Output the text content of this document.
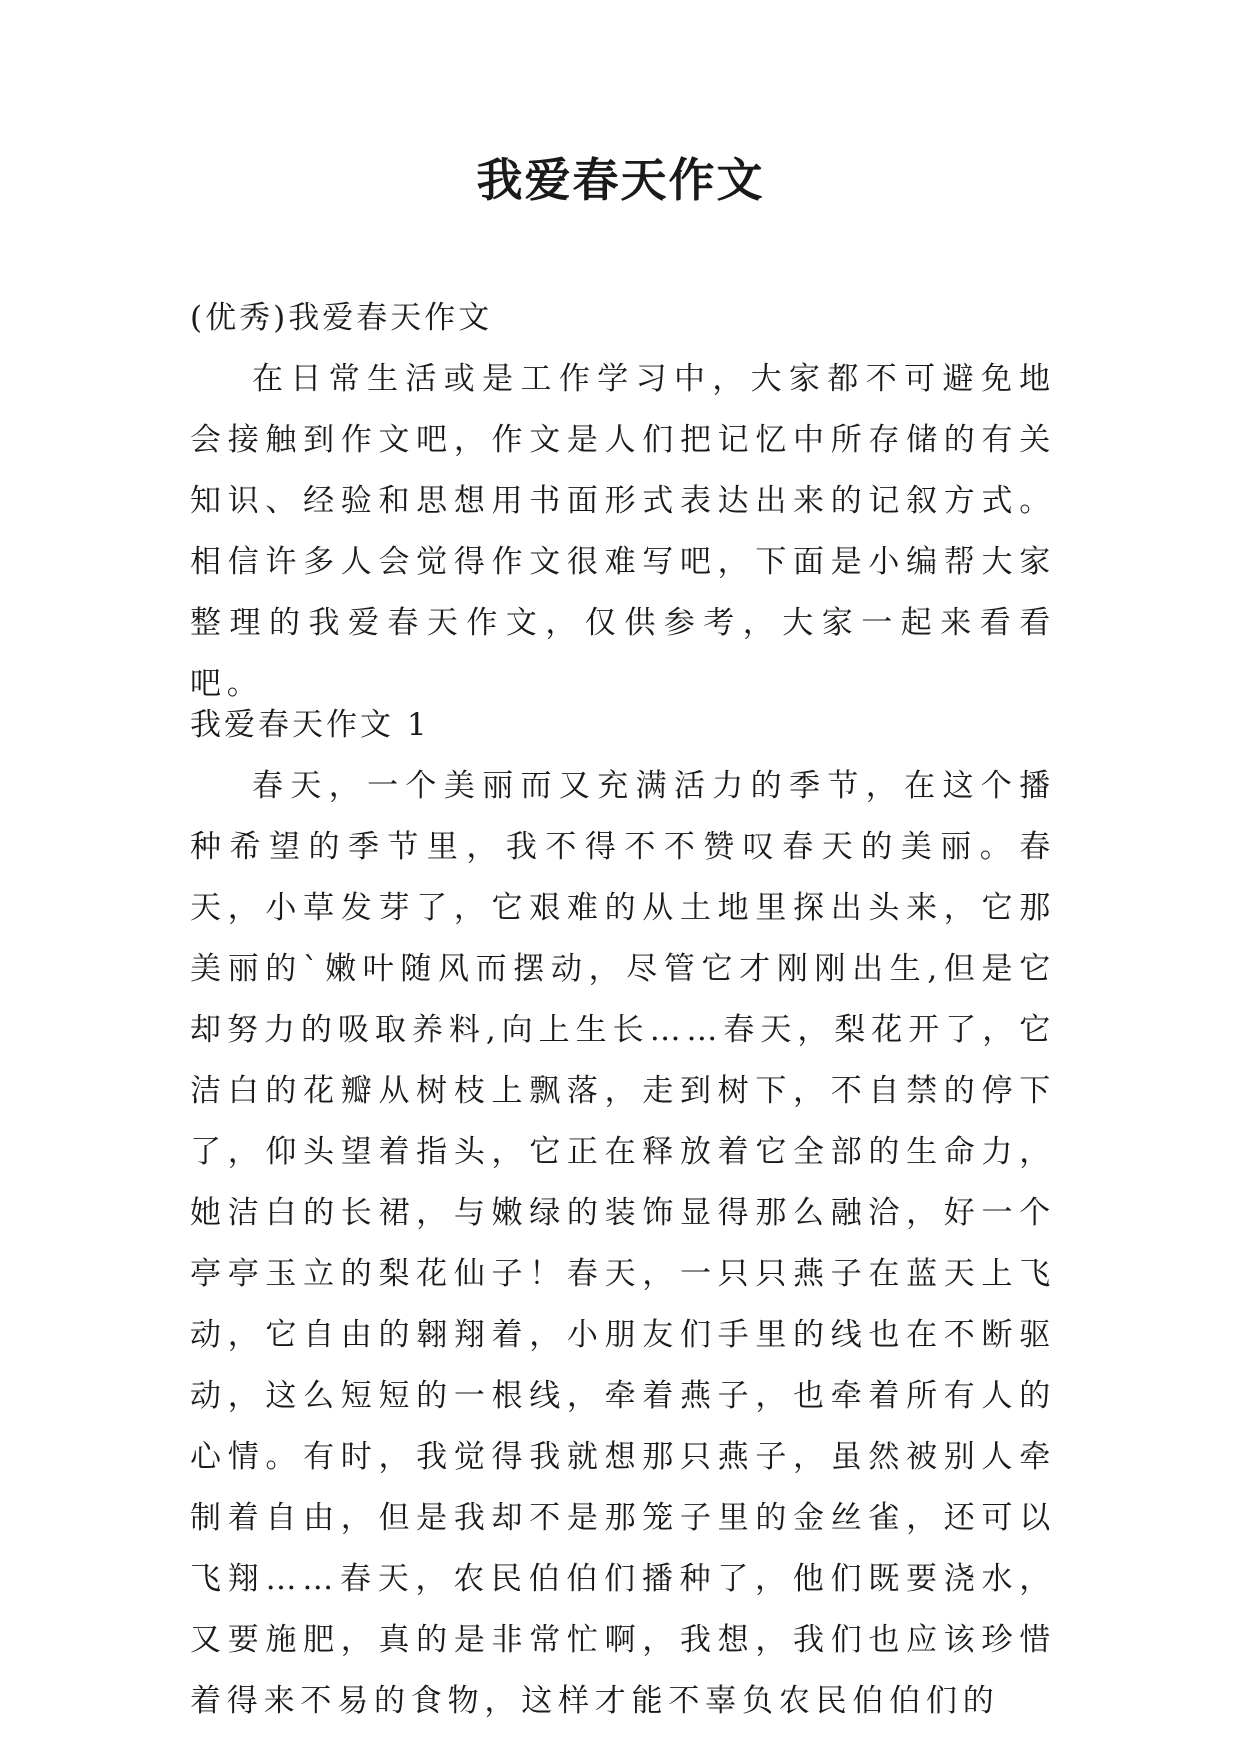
我爱春天作文

(优秀)我爱春天作文

在日常生活或是工作学习中，大家都不可避免地会接触到作文吧，作文是人们把记忆中所存储的有关知识、经验和思想用书面形式表达出来的记叙方式。相信许多人会觉得作文很难写吧，下面是小编帮大家整理的我爱春天作文，仅供参考，大家一起来看看吧。

我爱春天作文 1

春天，一个美丽而又充满活力的季节，在这个播种希望的季节里，我不得不不赞叹春天的美丽。春天，小草发芽了，它艰难的从土地里探出头来，它那美丽的`嫩叶随风而摆动，尽管它才刚刚出生,但是它却努力的吸取养料,向上生长……春天，梨花开了，它洁白的花瓣从树枝上飘落，走到树下，不自禁的停下了，仰头望着指头，它正在释放着它全部的生命力，她洁白的长裙，与嫩绿的装饰显得那么融洽，好一个亭亭玉立的梨花仙子！春天，一只只燕子在蓝天上飞动，它自由的翱翔着，小朋友们手里的线也在不断驱动，这么短短的一根线，牵着燕子，也牵着所有人的心情。有时，我觉得我就想那只燕子，虽然被别人牵制着自由，但是我却不是那笼子里的金丝雀，还可以飞翔……春天，农民伯伯们播种了，他们既要浇水，又要施肥，真的是非常忙啊，我想，我们也应该珍惜着得来不易的食物，这样才能不辜负农民伯伯们的
